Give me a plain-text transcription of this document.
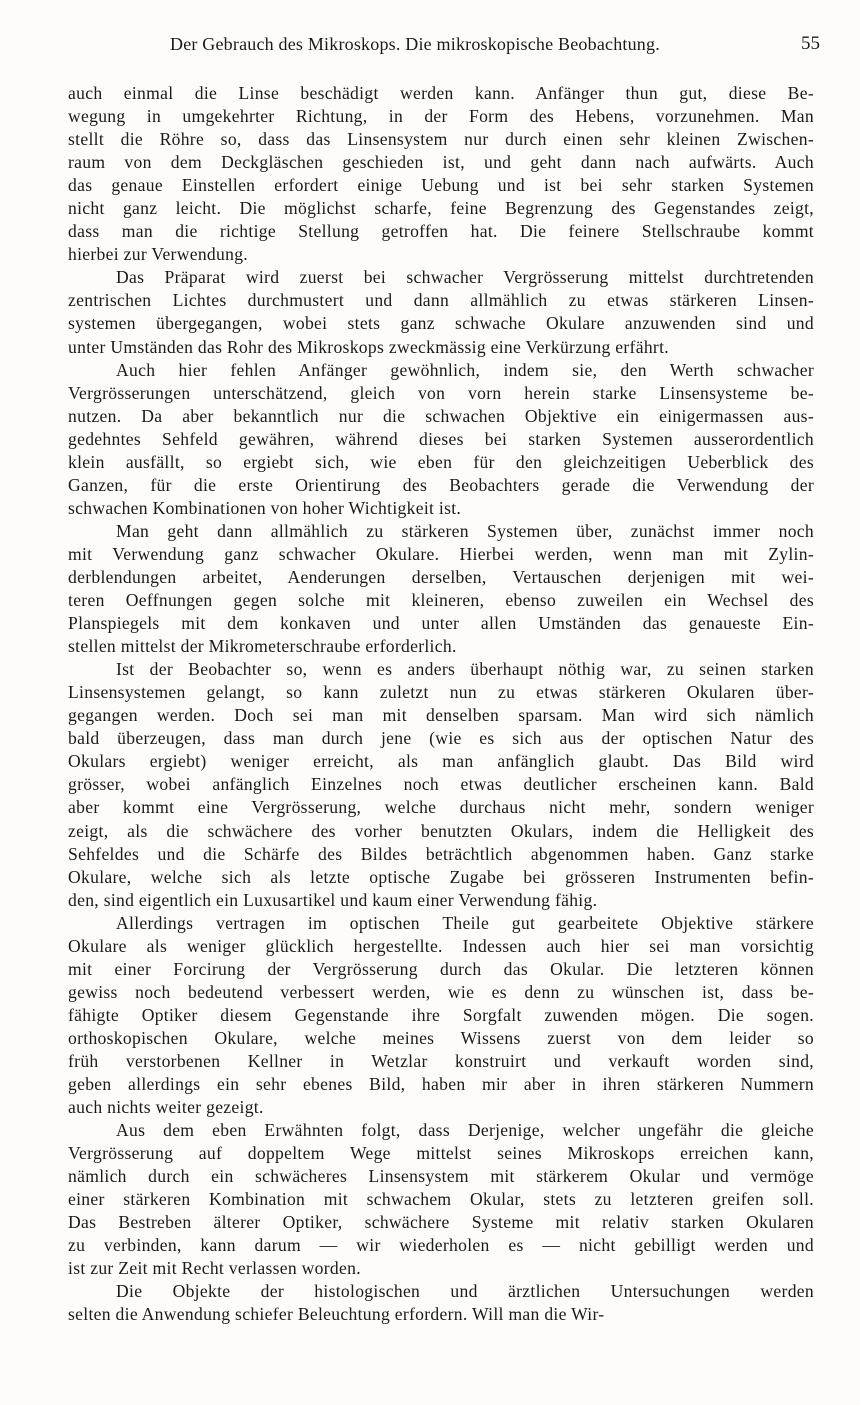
Der Gebrauch des Mikroskops. Die mikroskopische Beobachtung.	55
auch einmal die Linse beschädigt werden kann. Anfänger thun gut, diese Be-
wegung in umgekehrter Richtung, in der Form des Hebens, vorzunehmen. Man
stellt die Röhre so, dass das Linsensystem nur durch einen sehr kleinen Zwischen-
raum von dem Deckgläschen geschieden ist, und geht dann nach aufwärts. Auch
das genaue Einstellen erfordert einige Uebung und ist bei sehr starken Systemen
nicht ganz leicht. Die möglichst scharfe, feine Begrenzung des Gegenstandes zeigt,
dass man die richtige Stellung getroffen hat. Die feinere Stellschraube kommt
hierbei zur Verwendung.
Das Präparat wird zuerst bei schwacher Vergrösserung mittelst durchtretenden
zentrischen Lichtes durchmustert und dann allmählich zu etwas stärkeren Linsen-
systemen übergegangen, wobei stets ganz schwache Okulare anzuwenden sind und
unter Umständen das Rohr des Mikroskops zweckmässig eine Verkürzung erfährt.
Auch hier fehlen Anfänger gewöhnlich, indem sie, den Werth schwacher
Vergrösserungen unterschätzend, gleich von vorn herein starke Linsensysteme be-
nutzen. Da aber bekanntlich nur die schwachen Objektive ein einigermassen aus-
gedehntes Sehfeld gewähren, während dieses bei starken Systemen ausserordentlich
klein ausfällt, so ergiebt sich, wie eben für den gleichzeitigen Ueberblick des
Ganzen, für die erste Orientirung des Beobachters gerade die Verwendung der
schwachen Kombinationen von hoher Wichtigkeit ist.
Man geht dann allmählich zu stärkeren Systemen über, zunächst immer noch
mit Verwendung ganz schwacher Okulare. Hierbei werden, wenn man mit Zylin-
derblendungen arbeitet, Aenderungen derselben, Vertauschen derjenigen mit wei-
teren Oeffnungen gegen solche mit kleineren, ebenso zuweilen ein Wechsel des
Planspiegels mit dem konkaven und unter allen Umständen das genaueste Ein-
stellen mittelst der Mikrometerschraube erforderlich.
Ist der Beobachter so, wenn es anders überhaupt nöthig war, zu seinen starken
Linsensystemen gelangt, so kann zuletzt nun zu etwas stärkeren Okularen über-
gegangen werden. Doch sei man mit denselben sparsam. Man wird sich nämlich
bald überzeugen, dass man durch jene (wie es sich aus der optischen Natur des
Okulars ergiebt) weniger erreicht, als man anfänglich glaubt. Das Bild wird
grösser, wobei anfänglich Einzelnes noch etwas deutlicher erscheinen kann. Bald
aber kommt eine Vergrösserung, welche durchaus nicht mehr, sondern weniger
zeigt, als die schwächere des vorher benutzten Okulars, indem die Helligkeit des
Sehfeldes und die Schärfe des Bildes beträchtlich abgenommen haben. Ganz starke
Okulare, welche sich als letzte optische Zugabe bei grösseren Instrumenten befin-
den, sind eigentlich ein Luxusartikel und kaum einer Verwendung fähig.
Allerdings vertragen im optischen Theile gut gearbeitete Objektive stärkere
Okulare als weniger glücklich hergestellte. Indessen auch hier sei man vorsichtig
mit einer Forcirung der Vergrösserung durch das Okular. Die letzteren können
gewiss noch bedeutend verbessert werden, wie es denn zu wünschen ist, dass be-
fähigte Optiker diesem Gegenstande ihre Sorgfalt zuwenden mögen. Die sogen.
orthoskopischen Okulare, welche meines Wissens zuerst von dem leider so
früh verstorbenen Kellner in Wetzlar konstruirt und verkauft worden sind,
geben allerdings ein sehr ebenes Bild, haben mir aber in ihren stärkeren Nummern
auch nichts weiter gezeigt.
Aus dem eben Erwähnten folgt, dass Derjenige, welcher ungefähr die gleiche
Vergrösserung auf doppeltem Wege mittelst seines Mikroskops erreichen kann,
nämlich durch ein schwächeres Linsensystem mit stärkerem Okular und vermöge
einer stärkeren Kombination mit schwachem Okular, stets zu letzteren greifen soll.
Das Bestreben älterer Optiker, schwächere Systeme mit relativ starken Okularen
zu verbinden, kann darum — wir wiederholen es — nicht gebilligt werden und
ist zur Zeit mit Recht verlassen worden.
Die Objekte der histologischen und ärztlichen Untersuchungen werden
selten die Anwendung schiefer Beleuchtung erfordern. Will man die Wir-
